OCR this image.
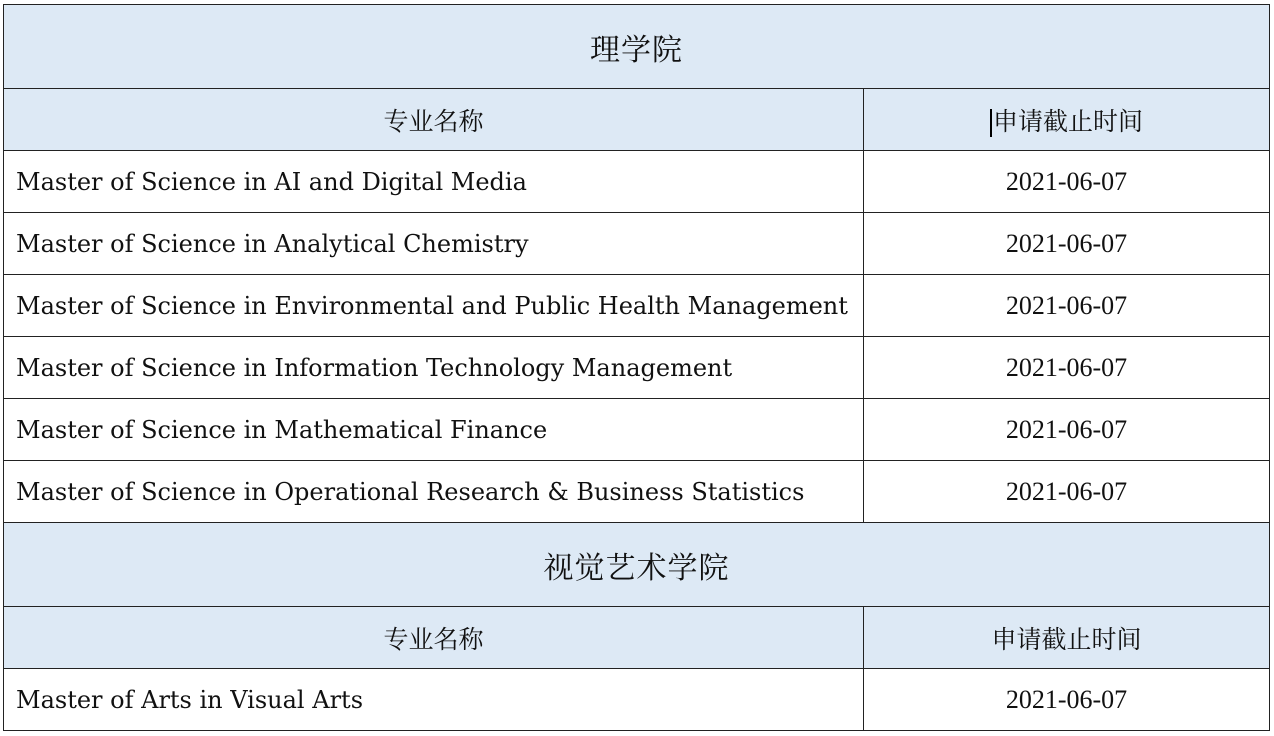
理学院	
专业名称	申请截止时间
Master of Science in AI and Digital Media	2021-06-07
Master of Science in Analytical Chemistry	2021-06-07
Master of Science in Environmental and Public Health Management	2021-06-07
Master of Science in Information Technology Management	2021-06-07
Master of Science in Mathematical Finance	2021-06-07
Master of Science in Operational Research & Business Statistics	2021-06-07
视觉艺术学院	
专业名称	申请截止时间
Master of Arts in Visual Arts	2021-06-07
